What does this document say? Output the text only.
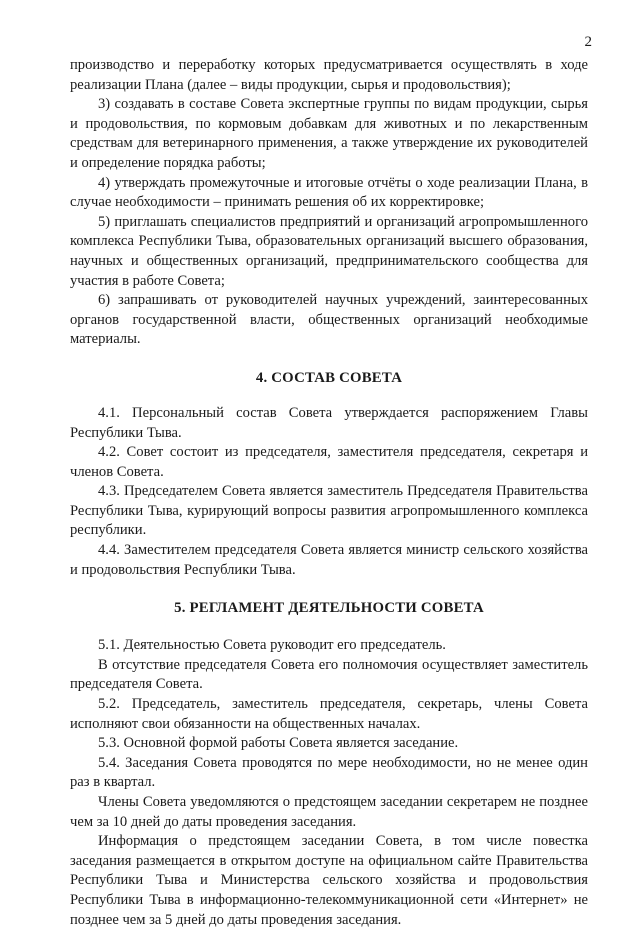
2

производство и переработку которых предусматривается осуществлять в ходе реализации Плана (далее – виды продукции, сырья и продовольствия);

3) создавать в составе Совета экспертные группы по видам продукции, сырья и продовольствия, по кормовым добавкам для животных и по лекарственным средствам для ветеринарного применения, а также утверждение их руководителей и определение порядка работы;

4) утверждать промежуточные и итоговые отчёты о ходе реализации Плана, в случае необходимости – принимать решения об их корректировке;

5) приглашать специалистов предприятий и организаций агропромышленного комплекса Республики Тыва, образовательных организаций высшего образования, научных и общественных организаций, предпринимательского сообщества для участия в работе Совета;

6) запрашивать от руководителей научных учреждений, заинтересованных органов государственной власти, общественных организаций необходимые материалы.

4. СОСТАВ СОВЕТА

4.1. Персональный состав Совета утверждается распоряжением Главы Республики Тыва.

4.2. Совет состоит из председателя, заместителя председателя, секретаря и членов Совета.

4.3. Председателем Совета является заместитель Председателя Правительства Республики Тыва, курирующий вопросы развития агропромышленного комплекса республики.

4.4. Заместителем председателя Совета является министр сельского хозяйства и продовольствия Республики Тыва.

5. РЕГЛАМЕНТ ДЕЯТЕЛЬНОСТИ СОВЕТА

5.1. Деятельностью Совета руководит его председатель.

В отсутствие председателя Совета его полномочия осуществляет заместитель председателя Совета.

5.2. Председатель, заместитель председателя, секретарь, члены Совета исполняют свои обязанности на общественных началах.

5.3. Основной формой работы Совета является заседание.

5.4. Заседания Совета проводятся по мере необходимости, но не менее один раз в квартал.

Члены Совета уведомляются о предстоящем заседании секретарем не позднее чем за 10 дней до даты проведения заседания.

Информация о предстоящем заседании Совета, в том числе повестка заседания размещается в открытом доступе на официальном сайте Правительства Республики Тыва и Министерства сельского хозяйства и продовольствия Республики Тыва в информационно-телекоммуникационной сети «Интернет» не позднее чем за 5 дней до даты проведения заседания.
